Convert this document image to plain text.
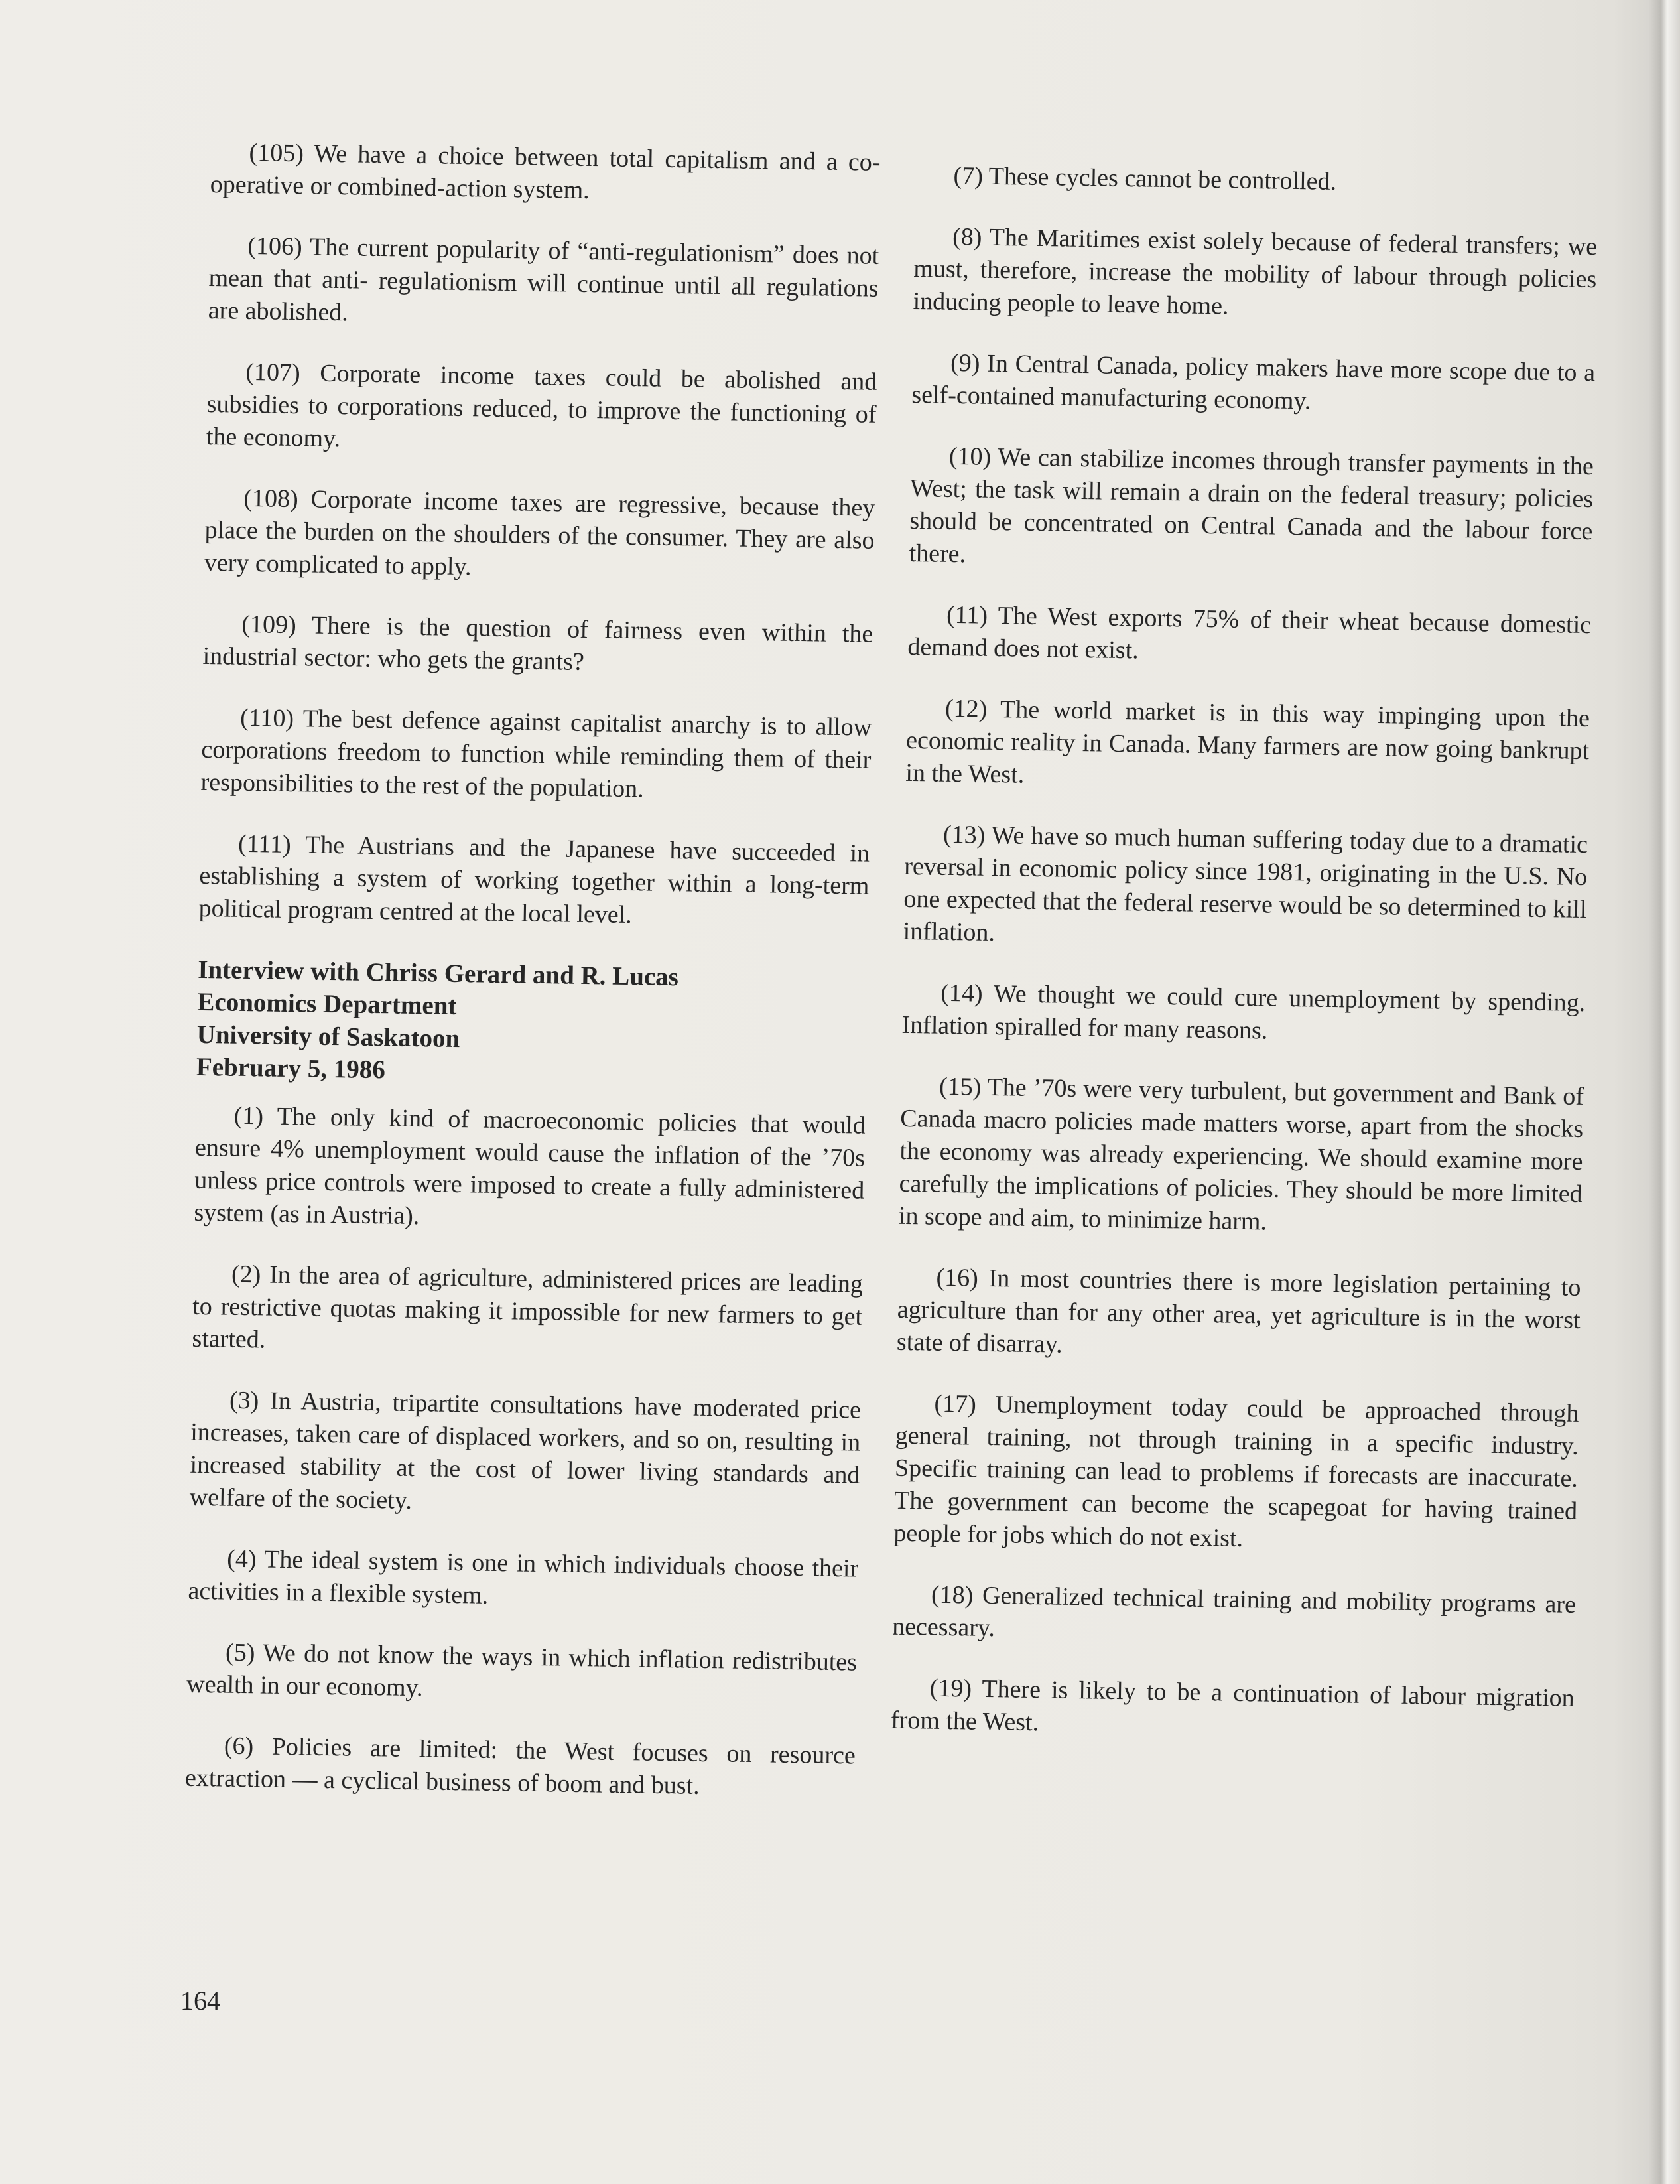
(105) We have a choice between total capitalism and a co-operative or combined-action system.

(106) The current popularity of “anti-regulationism” does not mean that anti- regulationism will continue until all regulations are abolished.

(107) Corporate income taxes could be abolished and subsidies to corporations reduced, to improve the functioning of the economy.

(108) Corporate income taxes are regressive, because they place the burden on the shoulders of the consumer. They are also very complicated to apply.

(109) There is the question of fairness even within the industrial sector: who gets the grants?

(110) The best defence against capitalist anarchy is to allow corporations freedom to function while reminding them of their responsibilities to the rest of the population.

(111) The Austrians and the Japanese have succeeded in establishing a system of working together within a long-term political program centred at the local level.

Interview with Chriss Gerard and R. Lucas
Economics Department
University of Saskatoon
February 5, 1986

(1) The only kind of macroeconomic policies that would ensure 4% unemployment would cause the inflation of the ’70s unless price controls were imposed to create a fully administered system (as in Austria).

(2) In the area of agriculture, administered prices are leading to restrictive quotas making it impossible for new farmers to get started.

(3) In Austria, tripartite consultations have moderated price increases, taken care of displaced workers, and so on, resulting in increased stability at the cost of lower living standards and welfare of the society.

(4) The ideal system is one in which individuals choose their activities in a flexible system.

(5) We do not know the ways in which inflation redistributes wealth in our economy.

(6) Policies are limited: the West focuses on resource extraction — a cyclical business of boom and bust.

(7) These cycles cannot be controlled.

(8) The Maritimes exist solely because of federal transfers; we must, therefore, increase the mobility of labour through policies inducing people to leave home.

(9) In Central Canada, policy makers have more scope due to a self-contained manufacturing economy.

(10) We can stabilize incomes through transfer payments in the West; the task will remain a drain on the federal treasury; policies should be concentrated on Central Canada and the labour force there.

(11) The West exports 75% of their wheat because domestic demand does not exist.

(12) The world market is in this way impinging upon the economic reality in Canada. Many farmers are now going bankrupt in the West.

(13) We have so much human suffering today due to a dramatic reversal in economic policy since 1981, originating in the U.S. No one expected that the federal reserve would be so determined to kill inflation.

(14) We thought we could cure unemployment by spending. Inflation spiralled for many reasons.

(15) The ’70s were very turbulent, but government and Bank of Canada macro policies made matters worse, apart from the shocks the economy was already experiencing. We should examine more carefully the implications of policies. They should be more limited in scope and aim, to minimize harm.

(16) In most countries there is more legislation pertaining to agriculture than for any other area, yet agriculture is in the worst state of disarray.

(17) Unemployment today could be approached through general training, not through training in a specific industry. Specific training can lead to problems if forecasts are inaccurate. The government can become the scapegoat for having trained people for jobs which do not exist.

(18) Generalized technical training and mobility programs are necessary.

(19) There is likely to be a continuation of labour migration from the West.

164
